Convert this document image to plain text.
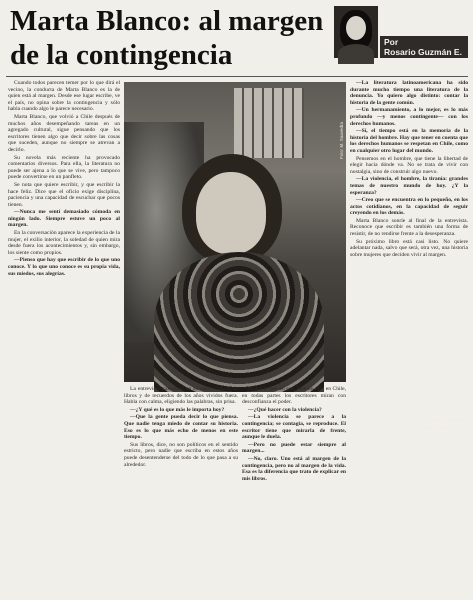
Marta Blanco: al margen
de la contingencia	Por
Rosario Guzmán E.

Cuando todos parecen temer por lo que dirá el vecino, la conducta de Marta Blanco es la de quien está al margen. Desde ese lugar escribe, ve el país, no opina sobre la contingencia y sólo habla cuando algo le parece necesario.

Marta Blanco, que volvió a Chile después de muchos años desempeñando tareas en un agregado cultural, sigue pensando que los escritores tienen algo que decir sobre las cosas que suceden, aunque no siempre se atrevan a decirlo.

Su novela más reciente ha provocado comentarios diversos. Para ella, la literatura no puede ser ajena a lo que se vive, pero tampoco puede convertirse en un panfleto.

Se nota que quiere escribir, y que escribir la hace feliz. Dice que el oficio exige disciplina, paciencia y una capacidad de escuchar que pocos tienen.

—Nunca me sentí demasiado cómoda en ningún lado. Siempre estuve un poco al margen.

En la conversación aparece la experiencia de la mujer, el exilio interior, la soledad de quien mira desde fuera los acontecimientos y, sin embargo, los siente como propios.

—Pienso que hay que escribir de lo que uno conoce. Y lo que uno conoce es su propia vida, sus miedos, sus alegrías.

Foto: M. Saavedra
«Una primera novela de autora chilena»

La entrevista transcurre en su casa, rodeada de libros y de recuerdos de los años vividos fuera. Habla con calma, eligiendo las palabras, sin prisa.

—¿Y qué es lo que más le importa hoy?

—Que la gente pueda decir lo que piensa. Que nadie tenga miedo de contar su historia. Eso es lo que más echo de menos en este tiempo.

Sus libros, dice, no son políticos en el sentido estricto, pero nadie que escriba en estos años puede desentenderse del todo de lo que pasa a su alrededor.

probable que así sea. Pero no sólo en Chile, en todas partes los escritores miran con desconfianza el poder.

—¿Qué hacer con la violencia?

—La violencia se parece a la contingencia; se contagia, se reproduce. El escritor tiene que mirarla de frente, aunque le duela.

—Pero no puede estar siempre al margen...

—No, claro. Uno está al margen de la contingencia, pero no al margen de la vida. Esa es la diferencia que trato de explicar en mis libros.

—La literatura latinoamericana ha sido durante mucho tiempo una literatura de la denuncia. Yo quiero algo distinto: contar la historia de la gente común.

—Un hermanamiento, a lo mejor, es lo más profundo —y menos contingente— con los derechos humanos.

—Sí, el tiempo está en la memoria de la historia del hombre. Hay que tener en cuenta que los derechos humanos se respetan en Chile, como en cualquier otro lugar del mundo.

Pensemos en el hombre, que tiene la libertad de elegir hacia dónde va. No se trata de vivir con nostalgia, sino de construir algo nuevo.

—La violencia, el hombre, la tiranía: grandes temas de nuestro mundo de hoy. ¿Y la esperanza?

—Creo que se encuentra en lo pequeño, en los actos cotidianos, en la capacidad de seguir creyendo en los demás.

Marta Blanco sonríe al final de la entrevista. Reconoce que escribir es también una forma de resistir, de no rendirse frente a la desesperanza.

Su próximo libro está casi listo. No quiere adelantar nada, salvo que será, otra vez, una historia sobre mujeres que deciden vivir al margen.
